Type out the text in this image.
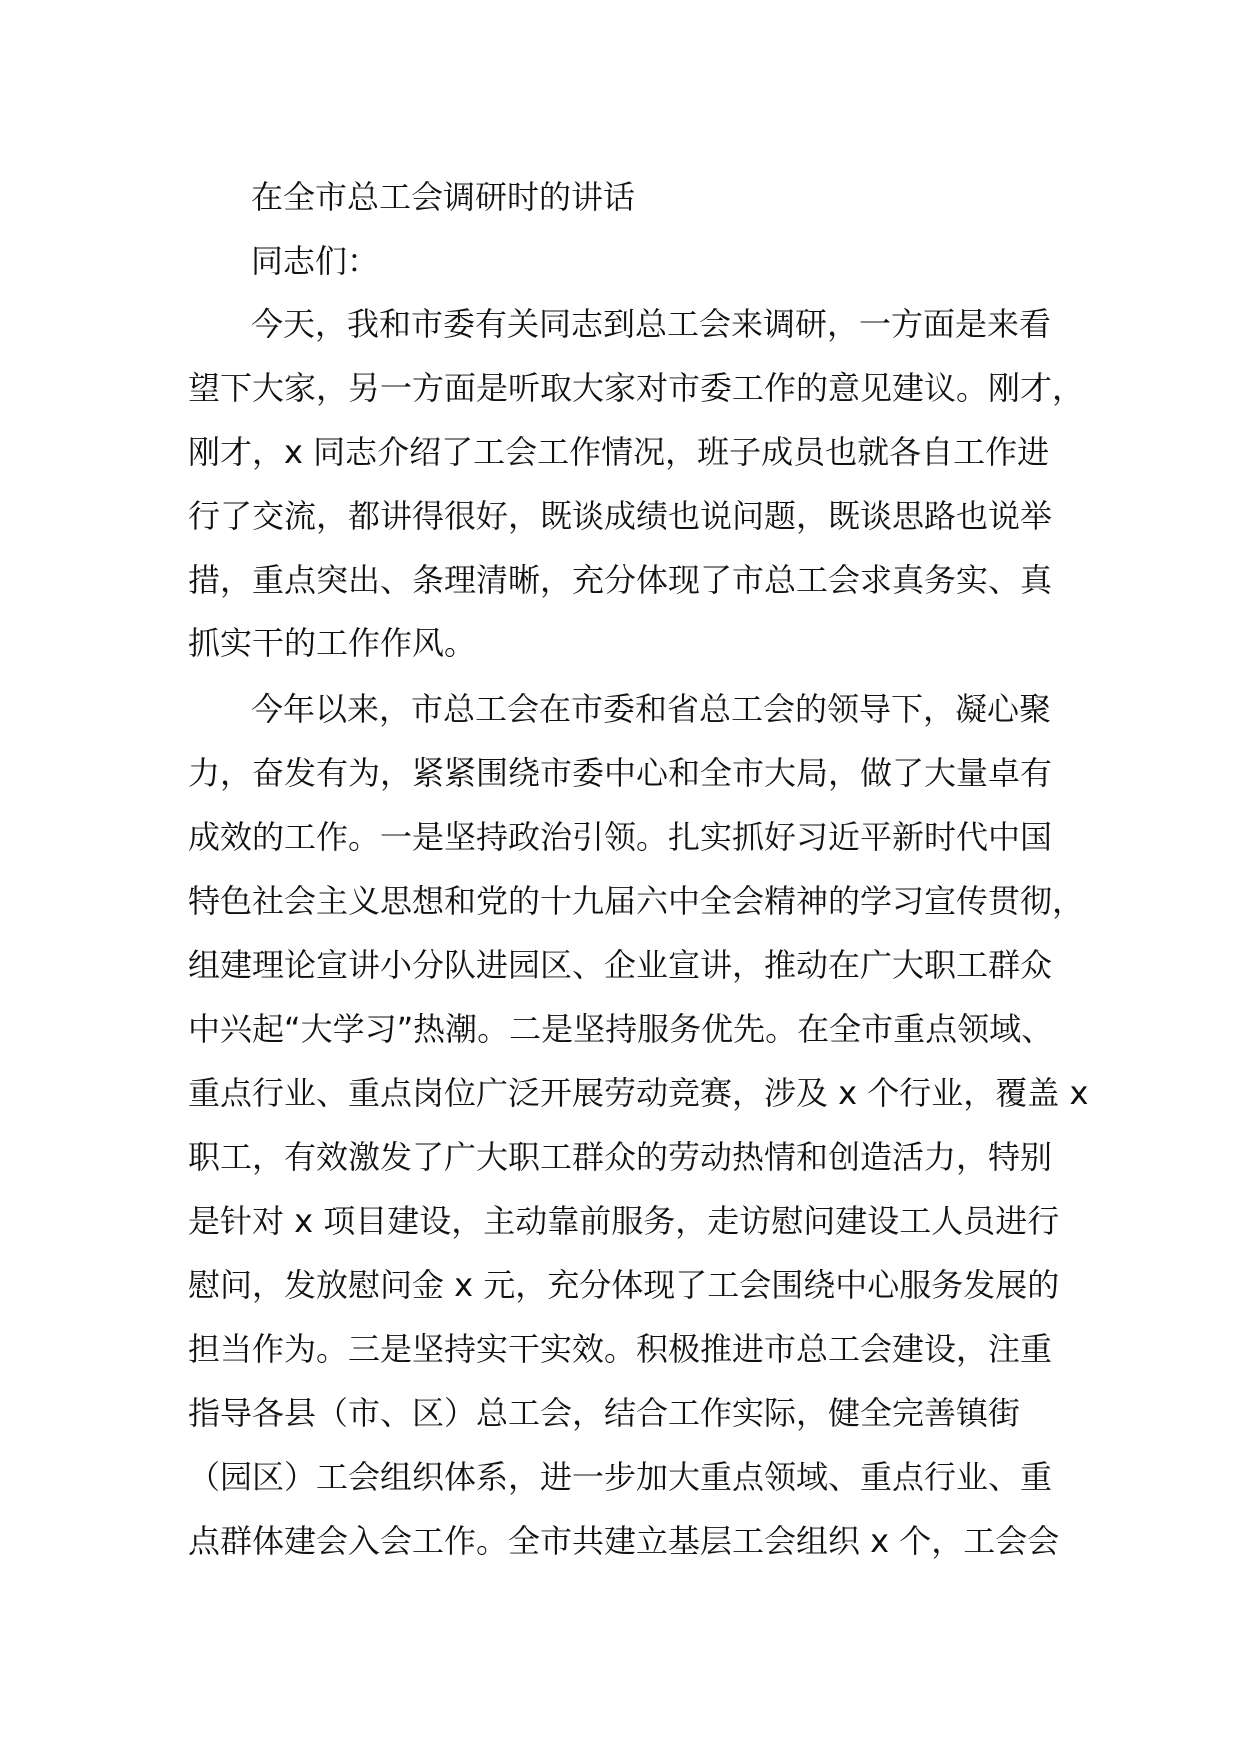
在全市总工会调研时的讲话
同志们：
今天，我和市委有关同志到总工会来调研，一方面是来看
望下大家，另一方面是听取大家对市委工作的意见建议。刚才，
刚才，x 同志介绍了工会工作情况，班子成员也就各自工作进
行了交流，都讲得很好，既谈成绩也说问题，既谈思路也说举
措，重点突出、条理清晰，充分体现了市总工会求真务实、真
抓实干的工作作风。
今年以来，市总工会在市委和省总工会的领导下，凝心聚
力，奋发有为，紧紧围绕市委中心和全市大局，做了大量卓有
成效的工作。一是坚持政治引领。扎实抓好习近平新时代中国
特色社会主义思想和党的十九届六中全会精神的学习宣传贯彻，
组建理论宣讲小分队进园区、企业宣讲，推动在广大职工群众
中兴起“大学习”热潮。二是坚持服务优先。在全市重点领域、
重点行业、重点岗位广泛开展劳动竞赛，涉及 x 个行业，覆盖 x
职工，有效激发了广大职工群众的劳动热情和创造活力，特别
是针对 x 项目建设，主动靠前服务，走访慰问建设工人员进行
慰问，发放慰问金 x 元，充分体现了工会围绕中心服务发展的
担当作为。三是坚持实干实效。积极推进市总工会建设，注重
指导各县（市、区）总工会，结合工作实际，健全完善镇街
（园区）工会组织体系，进一步加大重点领域、重点行业、重
点群体建会入会工作。全市共建立基层工会组织 x 个，工会会
